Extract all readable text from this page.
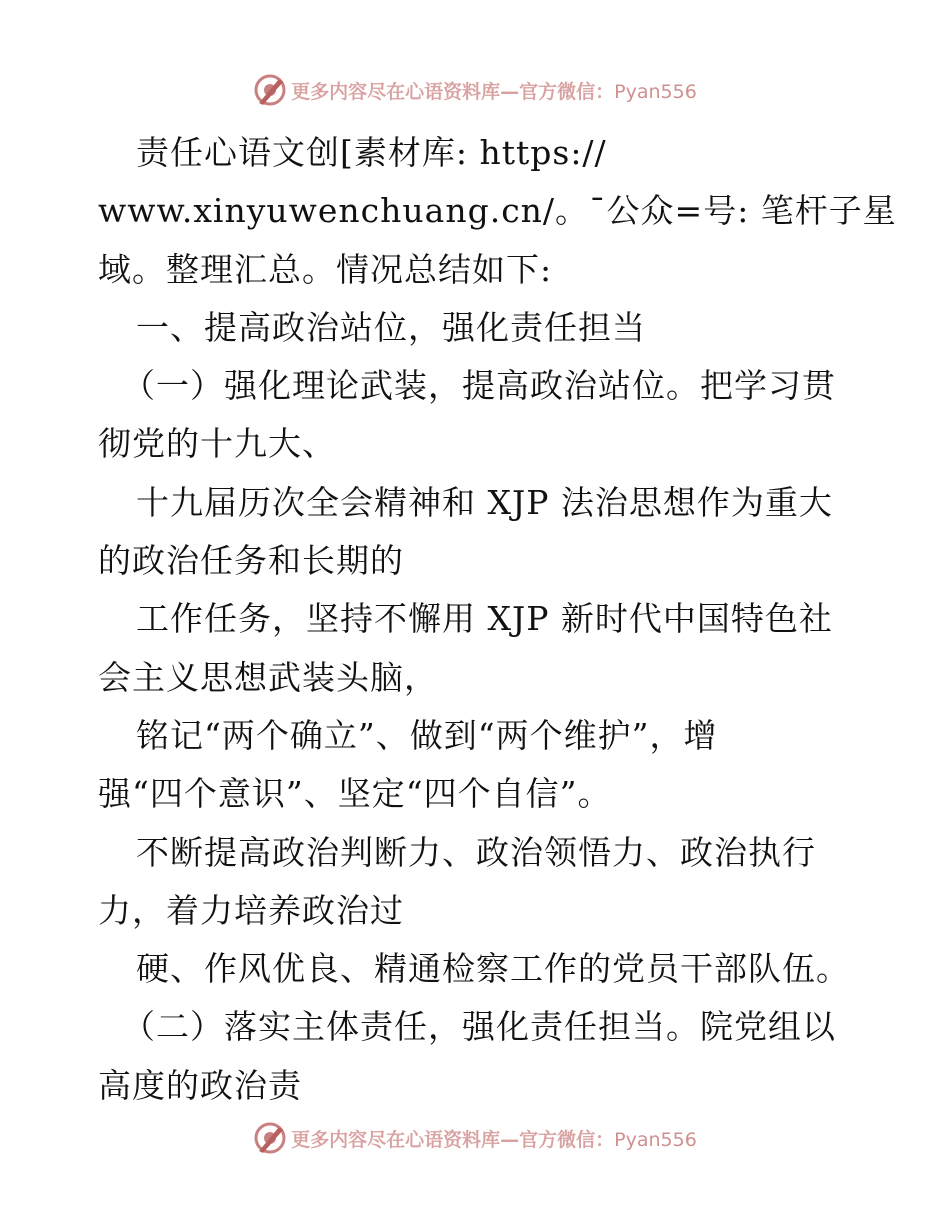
更多内容尽在心语资料库—官方微信：Pyan556
责任心语文创[素材库: https://
www.xinyuwenchuang.cn/。¯公众=号: 笔杆子星
域。整理汇总。情况总结如下:
一、提高政治站位，强化责任担当
（一）强化理论武装，提高政治站位。把学习贯
彻党的十九大、
十九届历次全会精神和 XJP 法治思想作为重大
的政治任务和长期的
工作任务，坚持不懈用 XJP 新时代中国特色社
会主义思想武装头脑，
铭记“两个确立”、做到“两个维护”，增
强“四个意识”、坚定“四个自信”。
不断提高政治判断力、政治领悟力、政治执行
力，着力培养政治过
硬、作风优良、精通检察工作的党员干部队伍。
（二）落实主体责任，强化责任担当。院党组以
高度的政治责
更多内容尽在心语资料库—官方微信：Pyan556
